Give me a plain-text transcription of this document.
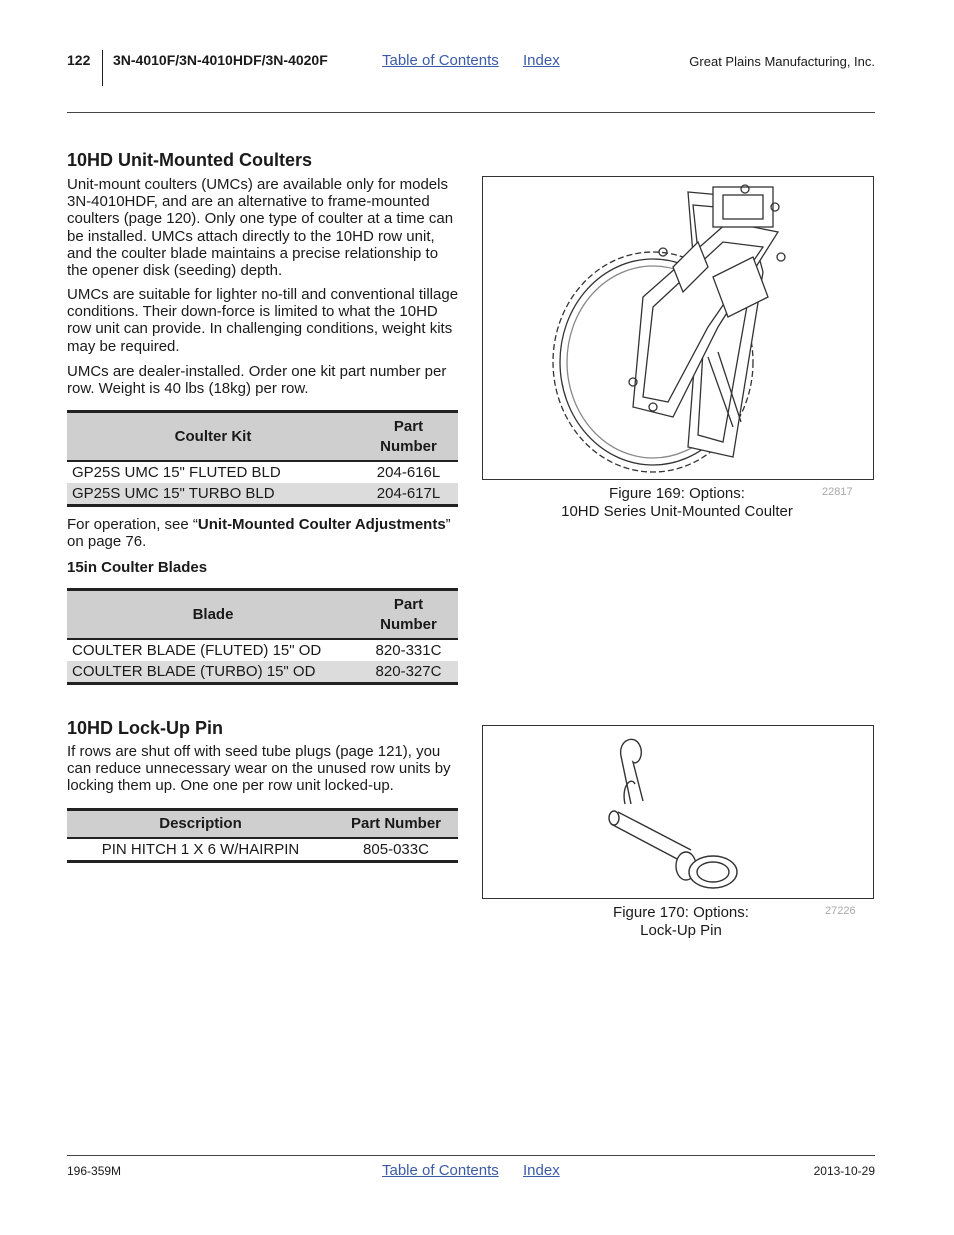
122 3N-4010F/3N-4010HDF/3N-4020F	Table of Contents Index	Great Plains Manufacturing, Inc.
10HD Unit-Mounted Coulters
Unit-mount coulters (UMCs) are available only for models 3N-4010HDF, and are an alternative to frame-mounted coulters (page 120). Only one type of coulter at a time can be installed. UMCs attach directly to the 10HD row unit, and the coulter blade maintains a precise relationship to the opener disk (seeding) depth.
UMCs are suitable for lighter no-till and conventional tillage conditions. Their down-force is limited to what the 10HD row unit can provide. In challenging conditions, weight kits may be required.
UMCs are dealer-installed. Order one kit part number per row. Weight is 40 lbs (18kg) per row.
Coulter Kit	Part
Number

GP25S UMC 15" FLUTED BLD	204-616L
GP25S UMC 15" TURBO BLD	204-617L
For operation, see “Unit-Mounted Coulter Adjustments” on page 76.
15in Coulter Blades
Blade	Part
Number

COULTER BLADE (FLUTED) 15" OD	820-331C
COULTER BLADE (TURBO) 15" OD	820-327C
Figure 169: Options:
10HD Series Unit-Mounted Coulter
22817
10HD Lock-Up Pin
If rows are shut off with seed tube plugs (page 121), you can reduce unnecessary wear on the unused row units by locking them up. One one per row unit locked-up.
Description	Part Number
PIN HITCH 1 X 6 W/HAIRPIN	805-033C
Figure 170: Options:
Lock-Up Pin
27226
196-359M	Table of Contents Index	2013-10-29
